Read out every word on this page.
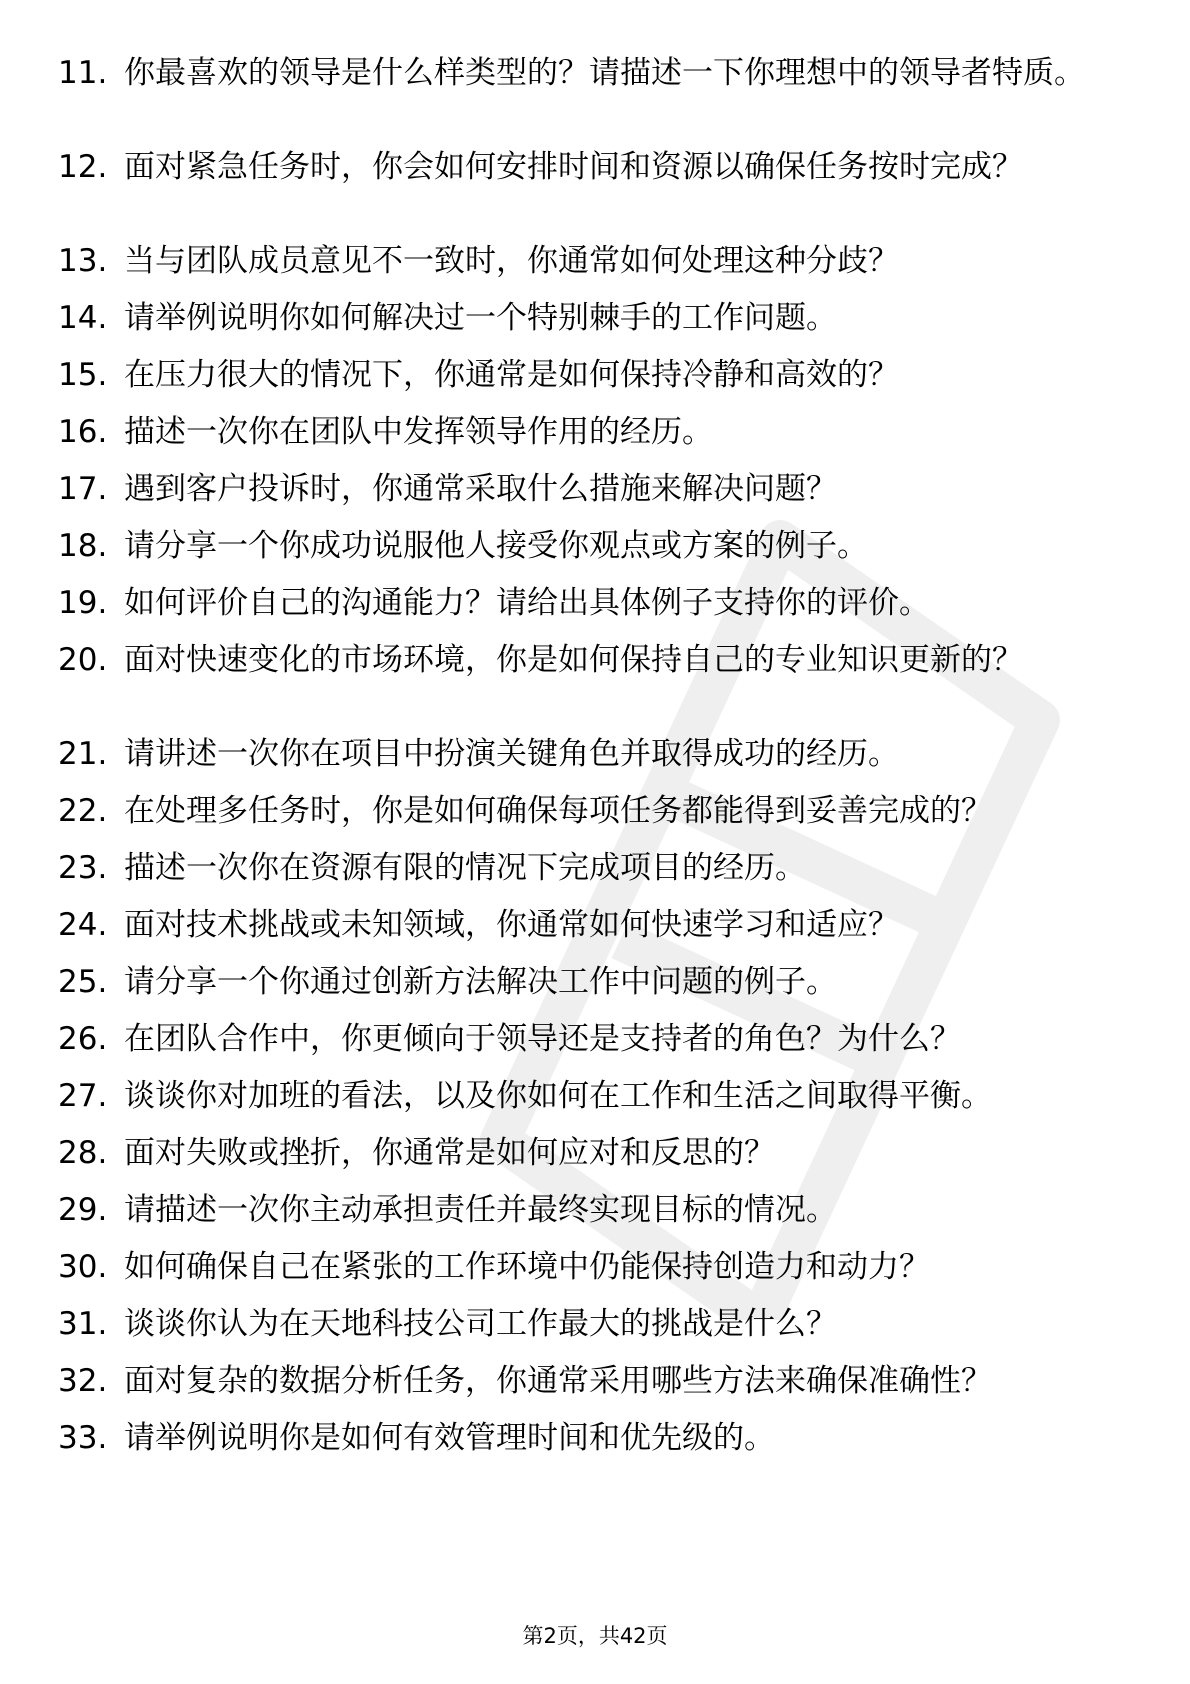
11. 你最喜欢的领导是什么样类型的？请描述一下你理想中的领导者特质。
12. 面对紧急任务时，你会如何安排时间和资源以确保任务按时完成？
13. 当与团队成员意见不一致时，你通常如何处理这种分歧？
14. 请举例说明你如何解决过一个特别棘手的工作问题。
15. 在压力很大的情况下，你通常是如何保持冷静和高效的？
16. 描述一次你在团队中发挥领导作用的经历。
17. 遇到客户投诉时，你通常采取什么措施来解决问题？
18. 请分享一个你成功说服他人接受你观点或方案的例子。
19. 如何评价自己的沟通能力？请给出具体例子支持你的评价。
20. 面对快速变化的市场环境，你是如何保持自己的专业知识更新的？
21. 请讲述一次你在项目中扮演关键角色并取得成功的经历。
22. 在处理多任务时，你是如何确保每项任务都能得到妥善完成的？
23. 描述一次你在资源有限的情况下完成项目的经历。
24. 面对技术挑战或未知领域，你通常如何快速学习和适应？
25. 请分享一个你通过创新方法解决工作中问题的例子。
26. 在团队合作中，你更倾向于领导还是支持者的角色？为什么？
27. 谈谈你对加班的看法，以及你如何在工作和生活之间取得平衡。
28. 面对失败或挫折，你通常是如何应对和反思的？
29. 请描述一次你主动承担责任并最终实现目标的情况。
30. 如何确保自己在紧张的工作环境中仍能保持创造力和动力？
31. 谈谈你认为在天地科技公司工作最大的挑战是什么？
32. 面对复杂的数据分析任务，你通常采用哪些方法来确保准确性？
33. 请举例说明你是如何有效管理时间和优先级的。
第2页，共42页
